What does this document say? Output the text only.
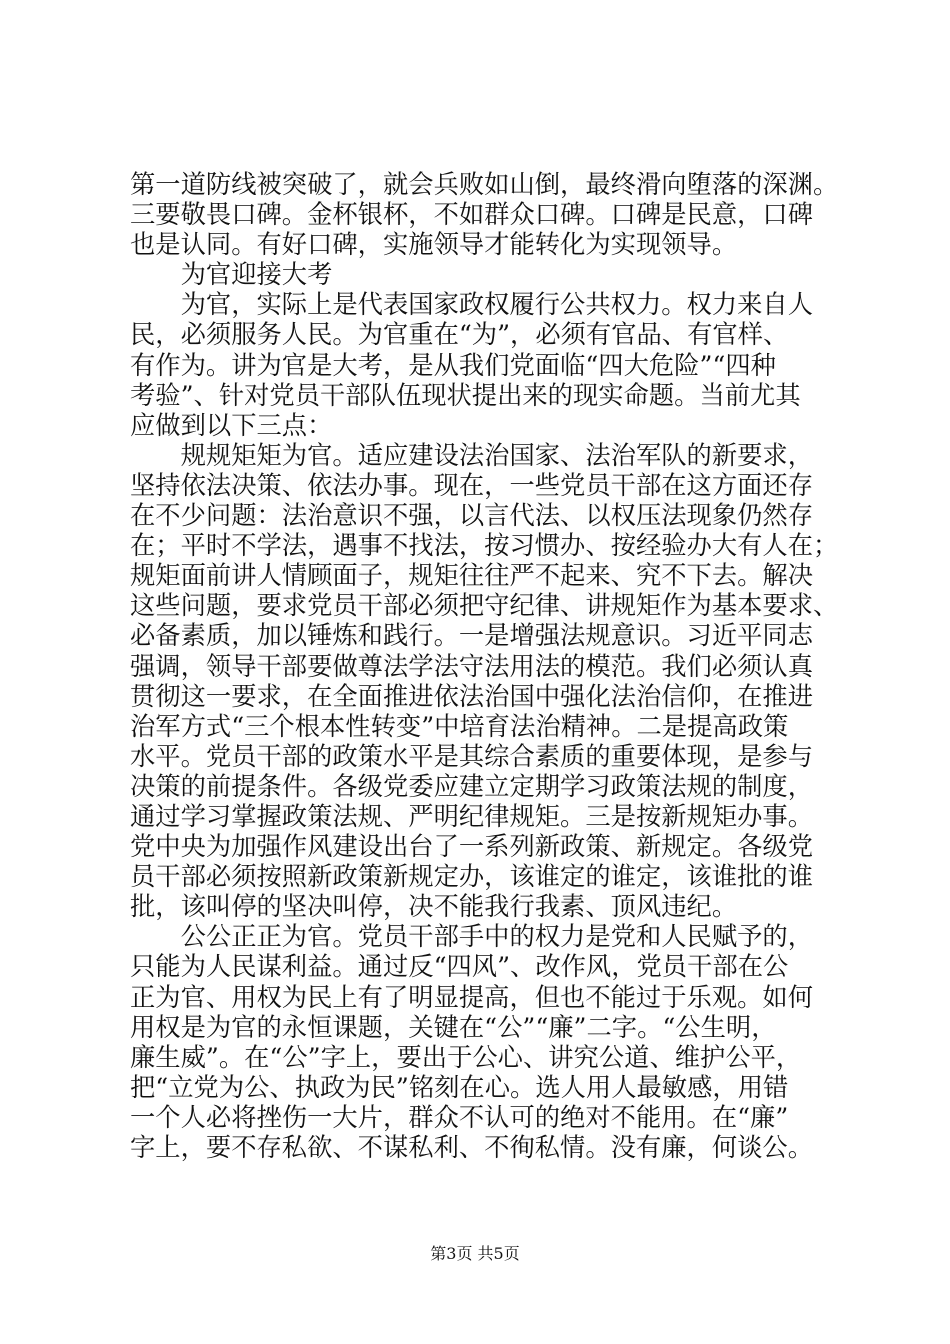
第一道防线被突破了，就会兵败如山倒，最终滑向堕落的深渊。
三要敬畏口碑。金杯银杯，不如群众口碑。口碑是民意，口碑
也是认同。有好口碑，实施领导才能转化为实现领导。
为官迎接大考
为官，实际上是代表国家政权履行公共权力。权力来自人
民，必须服务人民。为官重在“为”，必须有官品、有官样、
有作为。讲为官是大考，是从我们党面临“四大危险”“四种
考验”、针对党员干部队伍现状提出来的现实命题。当前尤其
应做到以下三点：
规规矩矩为官。适应建设法治国家、法治军队的新要求，
坚持依法决策、依法办事。现在，一些党员干部在这方面还存
在不少问题：法治意识不强，以言代法、以权压法现象仍然存
在；平时不学法，遇事不找法，按习惯办、按经验办大有人在；
规矩面前讲人情顾面子，规矩往往严不起来、究不下去。解决
这些问题，要求党员干部必须把守纪律、讲规矩作为基本要求、
必备素质，加以锤炼和践行。一是增强法规意识。习近平同志
强调，领导干部要做尊法学法守法用法的模范。我们必须认真
贯彻这一要求，在全面推进依法治国中强化法治信仰，在推进
治军方式“三个根本性转变”中培育法治精神。二是提高政策
水平。党员干部的政策水平是其综合素质的重要体现，是参与
决策的前提条件。各级党委应建立定期学习政策法规的制度，
通过学习掌握政策法规、严明纪律规矩。三是按新规矩办事。
党中央为加强作风建设出台了一系列新政策、新规定。各级党
员干部必须按照新政策新规定办，该谁定的谁定，该谁批的谁
批，该叫停的坚决叫停，决不能我行我素、顶风违纪。
公公正正为官。党员干部手中的权力是党和人民赋予的，
只能为人民谋利益。通过反“四风”、改作风，党员干部在公
正为官、用权为民上有了明显提高，但也不能过于乐观。如何
用权是为官的永恒课题，关键在“公”“廉”二字。“公生明，
廉生威”。在“公”字上，要出于公心、讲究公道、维护公平，
把“立党为公、执政为民”铭刻在心。选人用人最敏感，用错
一个人必将挫伤一大片，群众不认可的绝对不能用。在“廉”
字上，要不存私欲、不谋私利、不徇私情。没有廉，何谈公。
第3页 共5页
